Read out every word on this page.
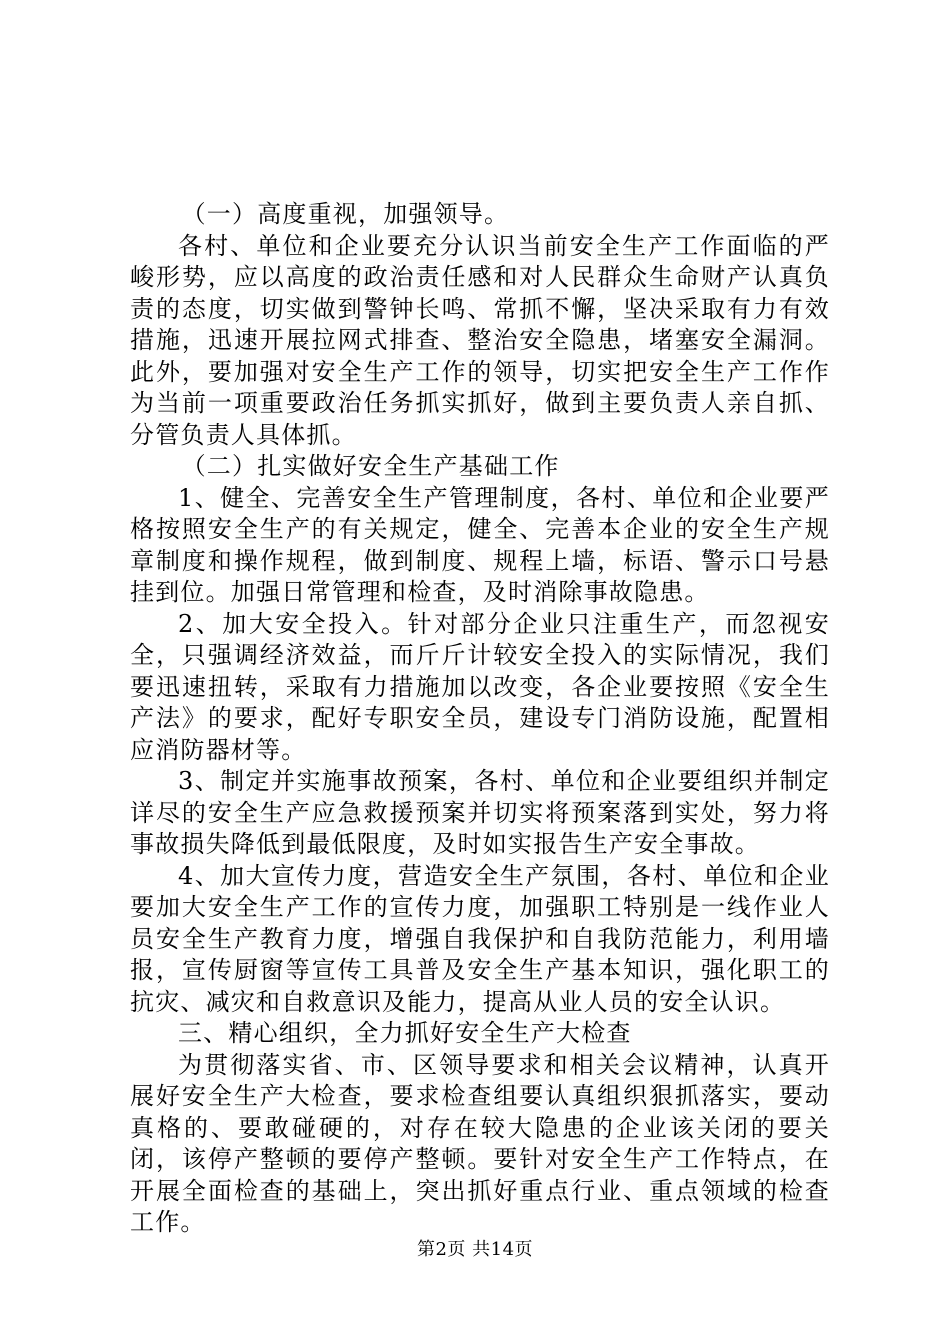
（一）高度重视，加强领导。

各村、单位和企业要充分认识当前安全生产工作面临的严峻形势，应以高度的政治责任感和对人民群众生命财产认真负责的态度，切实做到警钟长鸣、常抓不懈，坚决采取有力有效措施，迅速开展拉网式排查、整治安全隐患，堵塞安全漏洞。此外，要加强对安全生产工作的领导，切实把安全生产工作作为当前一项重要政治任务抓实抓好，做到主要负责人亲自抓、分管负责人具体抓。

（二）扎实做好安全生产基础工作

1、健全、完善安全生产管理制度，各村、单位和企业要严格按照安全生产的有关规定，健全、完善本企业的安全生产规章制度和操作规程，做到制度、规程上墙，标语、警示口号悬挂到位。加强日常管理和检查，及时消除事故隐患。

2、加大安全投入。针对部分企业只注重生产，而忽视安全，只强调经济效益，而斤斤计较安全投入的实际情况，我们要迅速扭转，采取有力措施加以改变，各企业要按照《安全生产法》的要求，配好专职安全员，建设专门消防设施，配置相应消防器材等。

3、制定并实施事故预案，各村、单位和企业要组织并制定详尽的安全生产应急救援预案并切实将预案落到实处，努力将事故损失降低到最低限度，及时如实报告生产安全事故。

4、加大宣传力度，营造安全生产氛围，各村、单位和企业要加大安全生产工作的宣传力度，加强职工特别是一线作业人员安全生产教育力度，增强自我保护和自我防范能力，利用墙报，宣传厨窗等宣传工具普及安全生产基本知识，强化职工的抗灾、减灾和自救意识及能力，提高从业人员的安全认识。

三、精心组织，全力抓好安全生产大检查

为贯彻落实省、市、区领导要求和相关会议精神，认真开展好安全生产大检查，要求检查组要认真组织狠抓落实，要动真格的、要敢碰硬的，对存在较大隐患的企业该关闭的要关闭，该停产整顿的要停产整顿。要针对安全生产工作特点，在开展全面检查的基础上，突出抓好重点行业、重点领域的检查工作。

第2页 共14页
